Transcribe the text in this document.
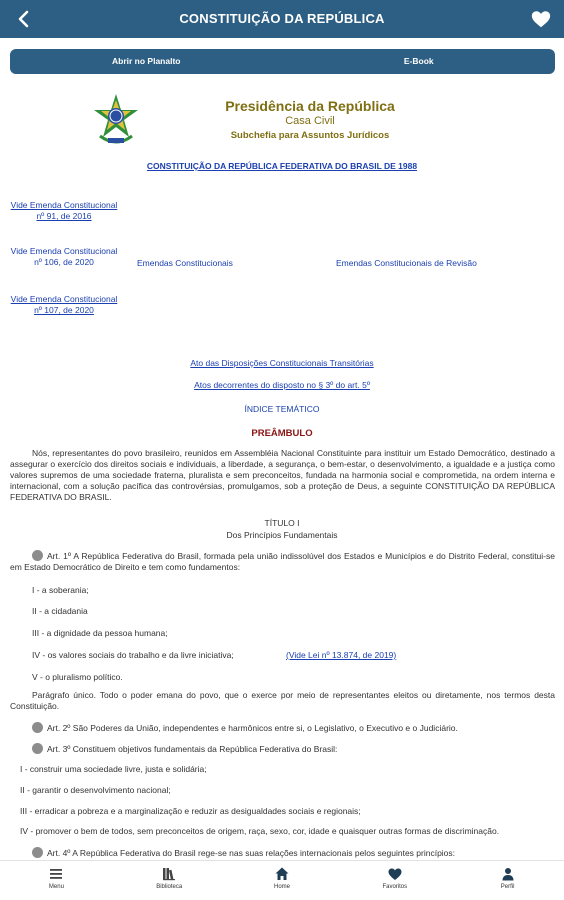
CONSTITUIÇÃO DA REPÚBLICA
Abrir no Planalto	E-Book
Presidência da República
Casa Civil
Subchefia para Assuntos Jurídicos
CONSTITUIÇÃO DA REPÚBLICA FEDERATIVA DO BRASIL DE 1988
Vide Emenda Constitucional nº 91, de 2016
Vide Emenda Constitucional nº 106, de 2020
Vide Emenda Constitucional nº 107, de 2020
Emendas Constitucionais	Emendas Constitucionais de Revisão
Ato das Disposições Constitucionais Transitórias
Atos decorrentes do disposto no § 3º do art. 5º
ÍNDICE TEMÁTICO
PREÂMBULO
Nós, representantes do povo brasileiro, reunidos em Assembléia Nacional Constituinte para instituir um Estado Democrático, destinado a assegurar o exercício dos direitos sociais e individuais, a liberdade, a segurança, o bem-estar, o desenvolvimento, a igualdade e a justiça como valores supremos de uma sociedade fraterna, pluralista e sem preconceitos, fundada na harmonia social e comprometida, na ordem interna e internacional, com a solução pacífica das controvérsias, promulgamos, sob a proteção de Deus, a seguinte CONSTITUIÇÃO DA REPÚBLICA FEDERATIVA DO BRASIL.
TÍTULO I
Dos Princípios Fundamentais
Art. 1º A República Federativa do Brasil, formada pela união indissolúvel dos Estados e Municípios e do Distrito Federal, constitui-se em Estado Democrático de Direito e tem como fundamentos:
I - a soberania;
II - a cidadania
III - a dignidade da pessoa humana;
IV - os valores sociais do trabalho e da livre iniciativa;	(Vide Lei nº 13.874, de 2019)
V - o pluralismo político.
Parágrafo único. Todo o poder emana do povo, que o exerce por meio de representantes eleitos ou diretamente, nos termos desta Constituição.
Art. 2º São Poderes da União, independentes e harmônicos entre si, o Legislativo, o Executivo e o Judiciário.
Art. 3º Constituem objetivos fundamentais da República Federativa do Brasil:
I - construir uma sociedade livre, justa e solidária;
II - garantir o desenvolvimento nacional;
III - erradicar a pobreza e a marginalização e reduzir as desigualdades sociais e regionais;
IV - promover o bem de todos, sem preconceitos de origem, raça, sexo, cor, idade e quaisquer outras formas de discriminação.
Art. 4º A República Federativa do Brasil rege-se nas suas relações internacionais pelos seguintes princípios:
Menu	Biblioteca	Home	Favoritos	Perfil
